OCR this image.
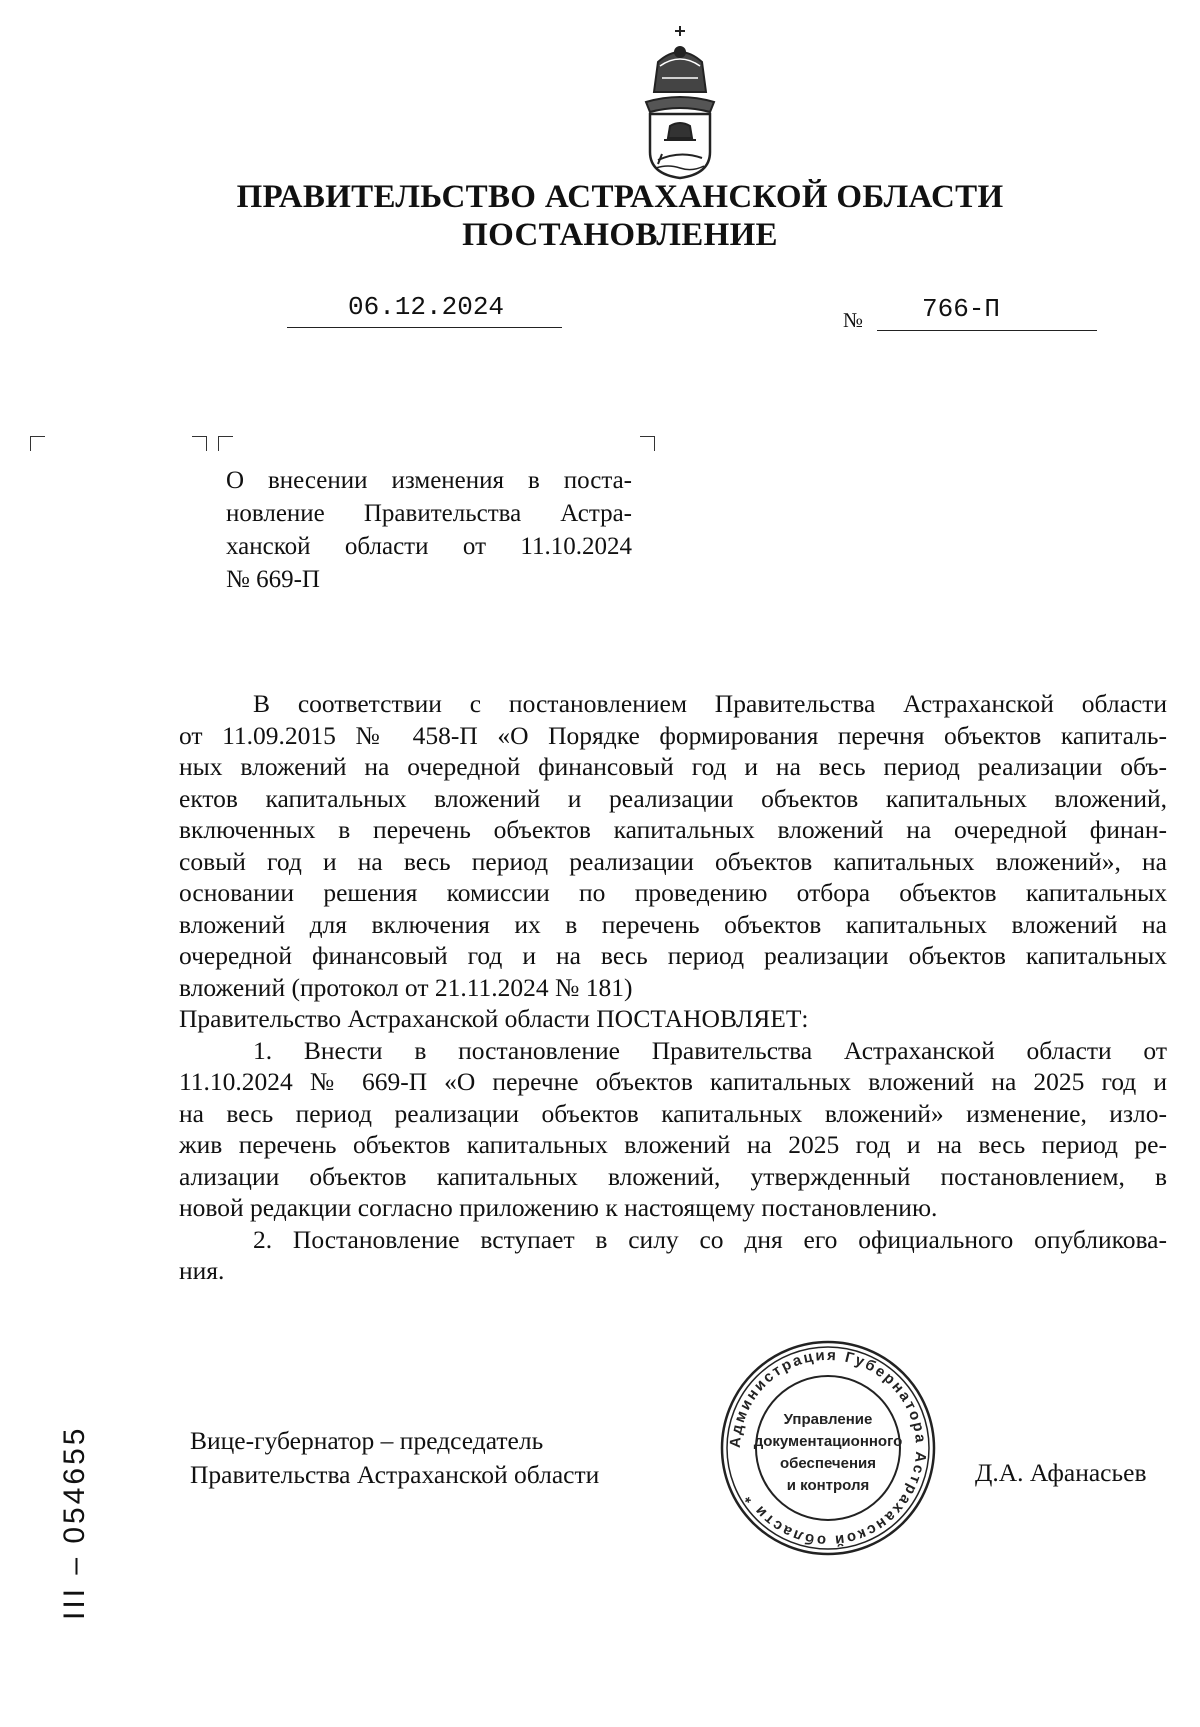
ПРАВИТЕЛЬСТВО АСТРАХАНСКОЙ ОБЛАСТИ
ПОСТАНОВЛЕНИЕ
06.12.2024	№ 766-П
О внесении изменения в поста-
новление Правительства Астра-
ханской области от 11.10.2024
№ 669-П
В соответствии с постановлением Правительства Астраханской области
от 11.09.2015 № 458-П «О Порядке формирования перечня объектов капиталь-
ных вложений на очередной финансовый год и на весь период реализации объ-
ектов капитальных вложений и реализации объектов капитальных вложений,
включенных в перечень объектов капитальных вложений на очередной финан-
совый год и на весь период реализации объектов капитальных вложений», на
основании решения комиссии по проведению отбора объектов капитальных
вложений для включения их в перечень объектов капитальных вложений на
очередной финансовый год и на весь период реализации объектов капитальных
вложений (протокол от 21.11.2024 № 181)
Правительство Астраханской области ПОСТАНОВЛЯЕТ:
1. Внести в постановление Правительства Астраханской области от
11.10.2024 № 669-П «О перечне объектов капитальных вложений на 2025 год и
на весь период реализации объектов капитальных вложений» изменение, изло-
жив перечень объектов капитальных вложений на 2025 год и на весь период ре-
ализации объектов капитальных вложений, утвержденный постановлением, в
новой редакции согласно приложению к настоящему постановлению.
2. Постановление вступает в силу со дня его официального опубликова-
ния.
Вице-губернатор – председатель
Правительства Астраханской области	Д.А. Афанасьев
Администрация Губернатора Астраханской области *
Управление
документационного
обеспечения
и контроля
III – 054655
